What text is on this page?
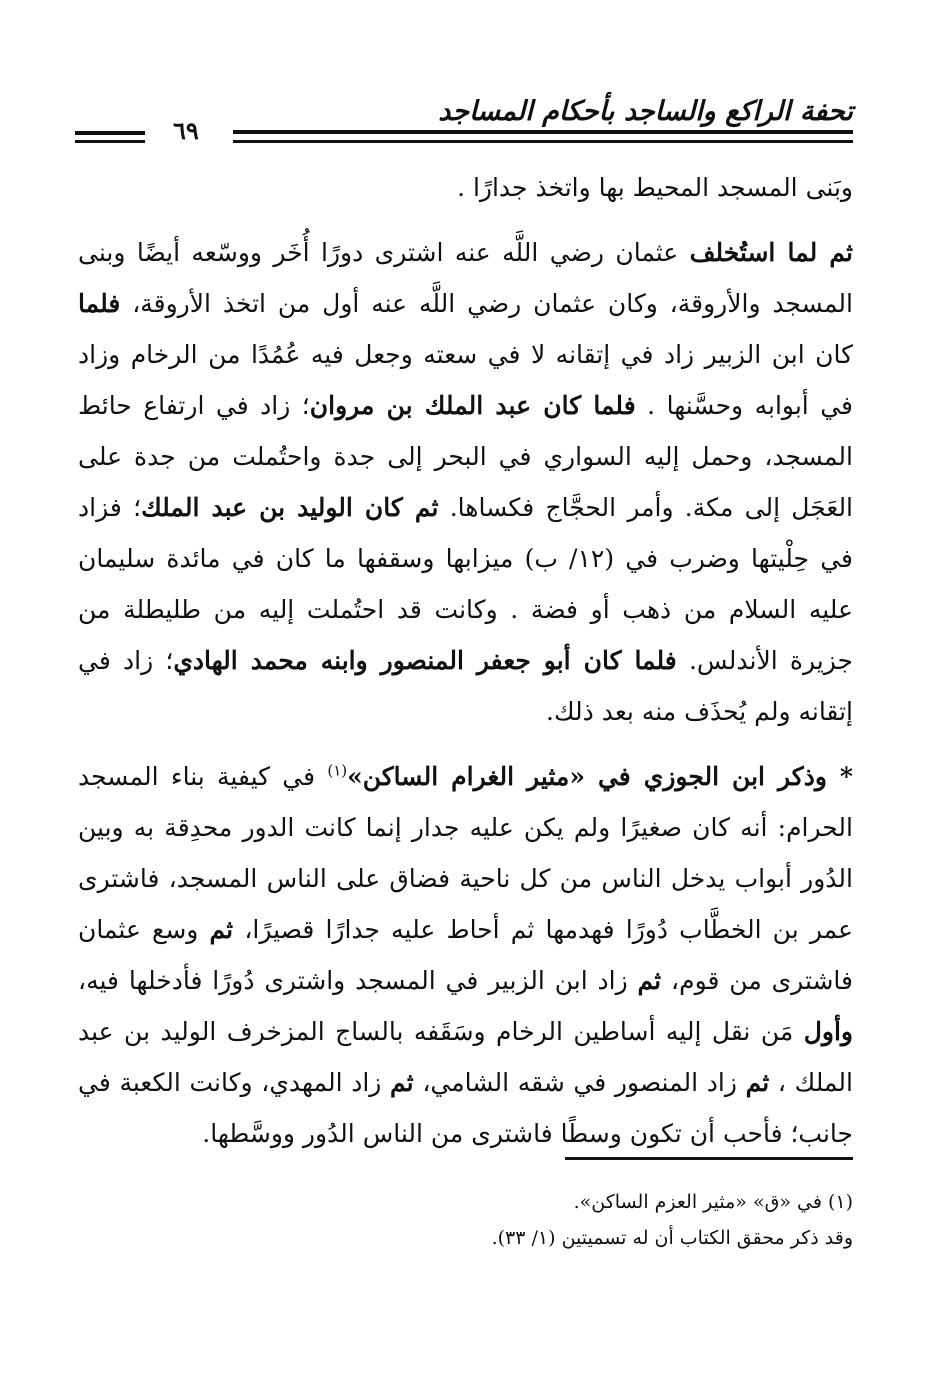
تحفة الراكع والساجد بأحكام المساجد
٦٩

وبَنى المسجد المحيط بها واتخذ جدارًا .

ثم لما استُخلف عثمان رضي اللَّه عنه اشترى دورًا أُخَر ووسّعه أيضًا وبنى المسجد والأروقة، وكان عثمان رضي اللَّه عنه أول من اتخذ الأروقة، فلما كان ابن الزبير زاد في إتقانه لا في سعته وجعل فيه عُمُدًا من الرخام وزاد في أبوابه وحسَّنها . فلما كان عبد الملك بن مروان؛ زاد في ارتفاع حائط المسجد، وحمل إليه السواري في البحر إلى جدة واحتُملت من جدة على العَجَل إلى مكة. وأمر الحجَّاج فكساها. ثم كان الوليد بن عبد الملك؛ فزاد في حِلْيتها وضرب في (١٢/ ب) ميزابها وسقفها ما كان في مائدة سليمان عليه السلام من ذهب أو فضة . وكانت قد احتُملت إليه من طليطلة من جزيرة الأندلس. فلما كان أبو جعفر المنصور وابنه محمد الهادي؛ زاد في إتقانه ولم يُحذَف منه بعد ذلك.

* وذكر ابن الجوزي في «مثير الغرام الساكن»$^{(١)}$ في كيفية بناء المسجد الحرام: أنه كان صغيرًا ولم يكن عليه جدار إنما كانت الدور محدِقة به وبين الدُور أبواب يدخل الناس من كل ناحية فضاق على الناس المسجد، فاشترى عمر بن الخطَّاب دُورًا فهدمها ثم أحاط عليه جدارًا قصيرًا، ثم وسع عثمان فاشترى من قوم، ثم زاد ابن الزبير في المسجد واشترى دُورًا فأدخلها فيه، وأول مَن نقل إليه أساطين الرخام وسَقَفه بالساج المزخرف الوليد بن عبد الملك ، ثم زاد المنصور في شقه الشامي، ثم زاد المهدي، وكانت الكعبة في جانب؛ فأحب أن تكون وسطًا فاشترى من الناس الدُور ووسَّطها.

(١) في «ق» «مثير العزم الساكن».
وقد ذكر محقق الكتاب أن له تسميتين (١/ ٣٣).
